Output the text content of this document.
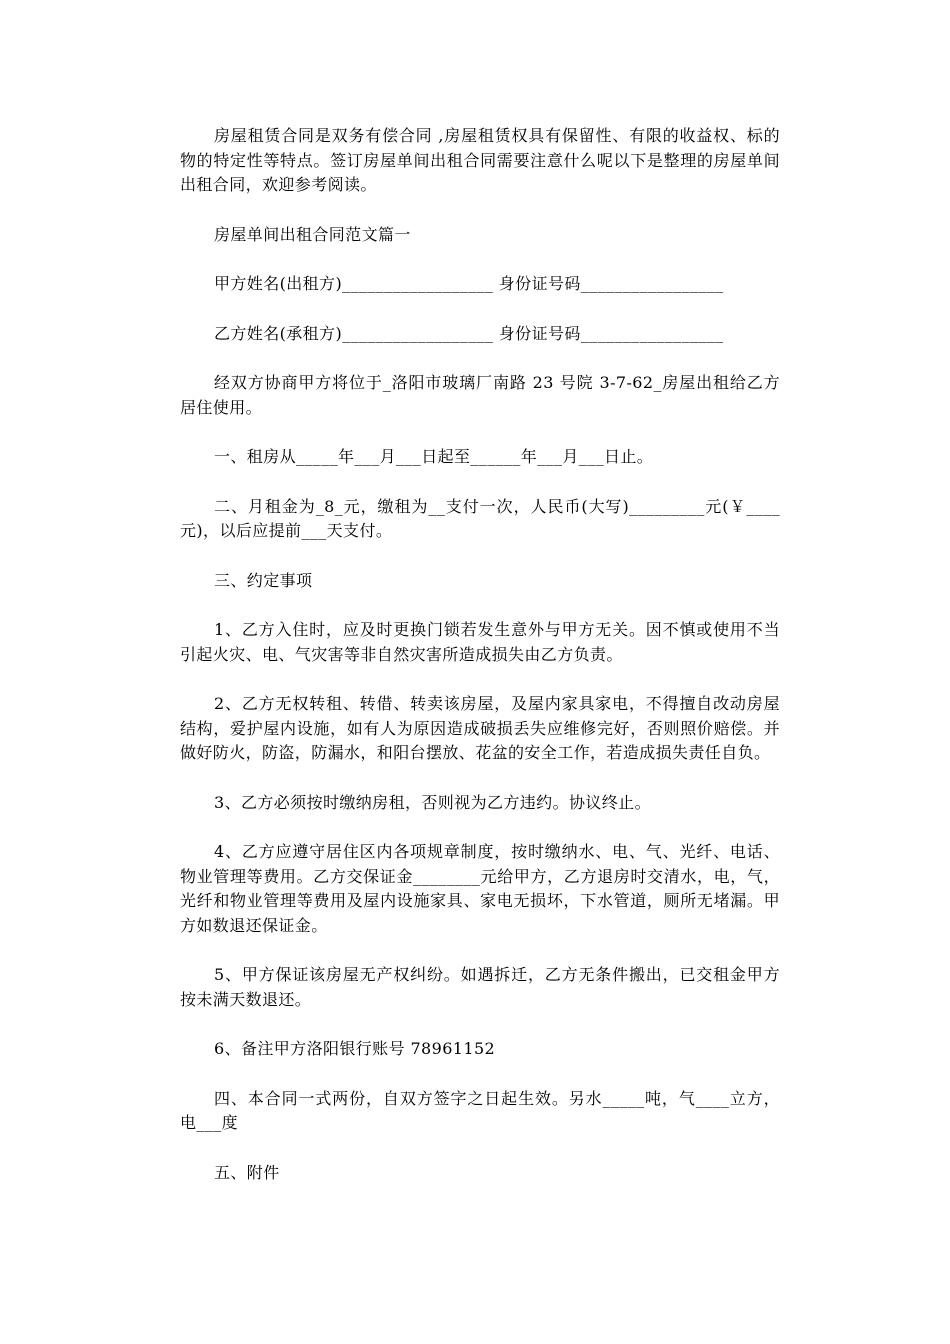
房屋租赁合同是双务有偿合同 ,房屋租赁权具有保留性、有限的收益权、标的物的特定性等特点。签订房屋单间出租合同需要注意什么呢以下是整理的房屋单间出租合同，欢迎参考阅读。

房屋单间出租合同范文篇一

甲方姓名(出租方)__________________ 身份证号码_________________

乙方姓名(承租方)__________________ 身份证号码_________________

经双方协商甲方将位于_洛阳市玻璃厂南路 23 号院 3-7-62_房屋出租给乙方居住使用。

一、租房从_____年___月___日起至______年___月___日止。

二、月租金为_8_元，缴租为__支付一次，人民币(大写)_________元(￥____元)，以后应提前___天支付。

三、约定事项

1、乙方入住时，应及时更换门锁若发生意外与甲方无关。因不慎或使用不当引起火灾、电、气灾害等非自然灾害所造成损失由乙方负责。

2、乙方无权转租、转借、转卖该房屋，及屋内家具家电，不得擅自改动房屋结构，爱护屋内设施，如有人为原因造成破损丢失应维修完好，否则照价赔偿。并做好防火，防盗，防漏水，和阳台摆放、花盆的安全工作，若造成损失责任自负。

3、乙方必须按时缴纳房租，否则视为乙方违约。协议终止。

4、乙方应遵守居住区内各项规章制度，按时缴纳水、电、气、光纤、电话、物业管理等费用。乙方交保证金________元给甲方，乙方退房时交清水，电，气，光纤和物业管理等费用及屋内设施家具、家电无损坏，下水管道，厕所无堵漏。甲方如数退还保证金。

5、甲方保证该房屋无产权纠纷。如遇拆迁，乙方无条件搬出，已交租金甲方按未满天数退还。

6、备注甲方洛阳银行账号 78961152

四、本合同一式两份，自双方签字之日起生效。另水_____吨，气____立方，电___度

五、附件
